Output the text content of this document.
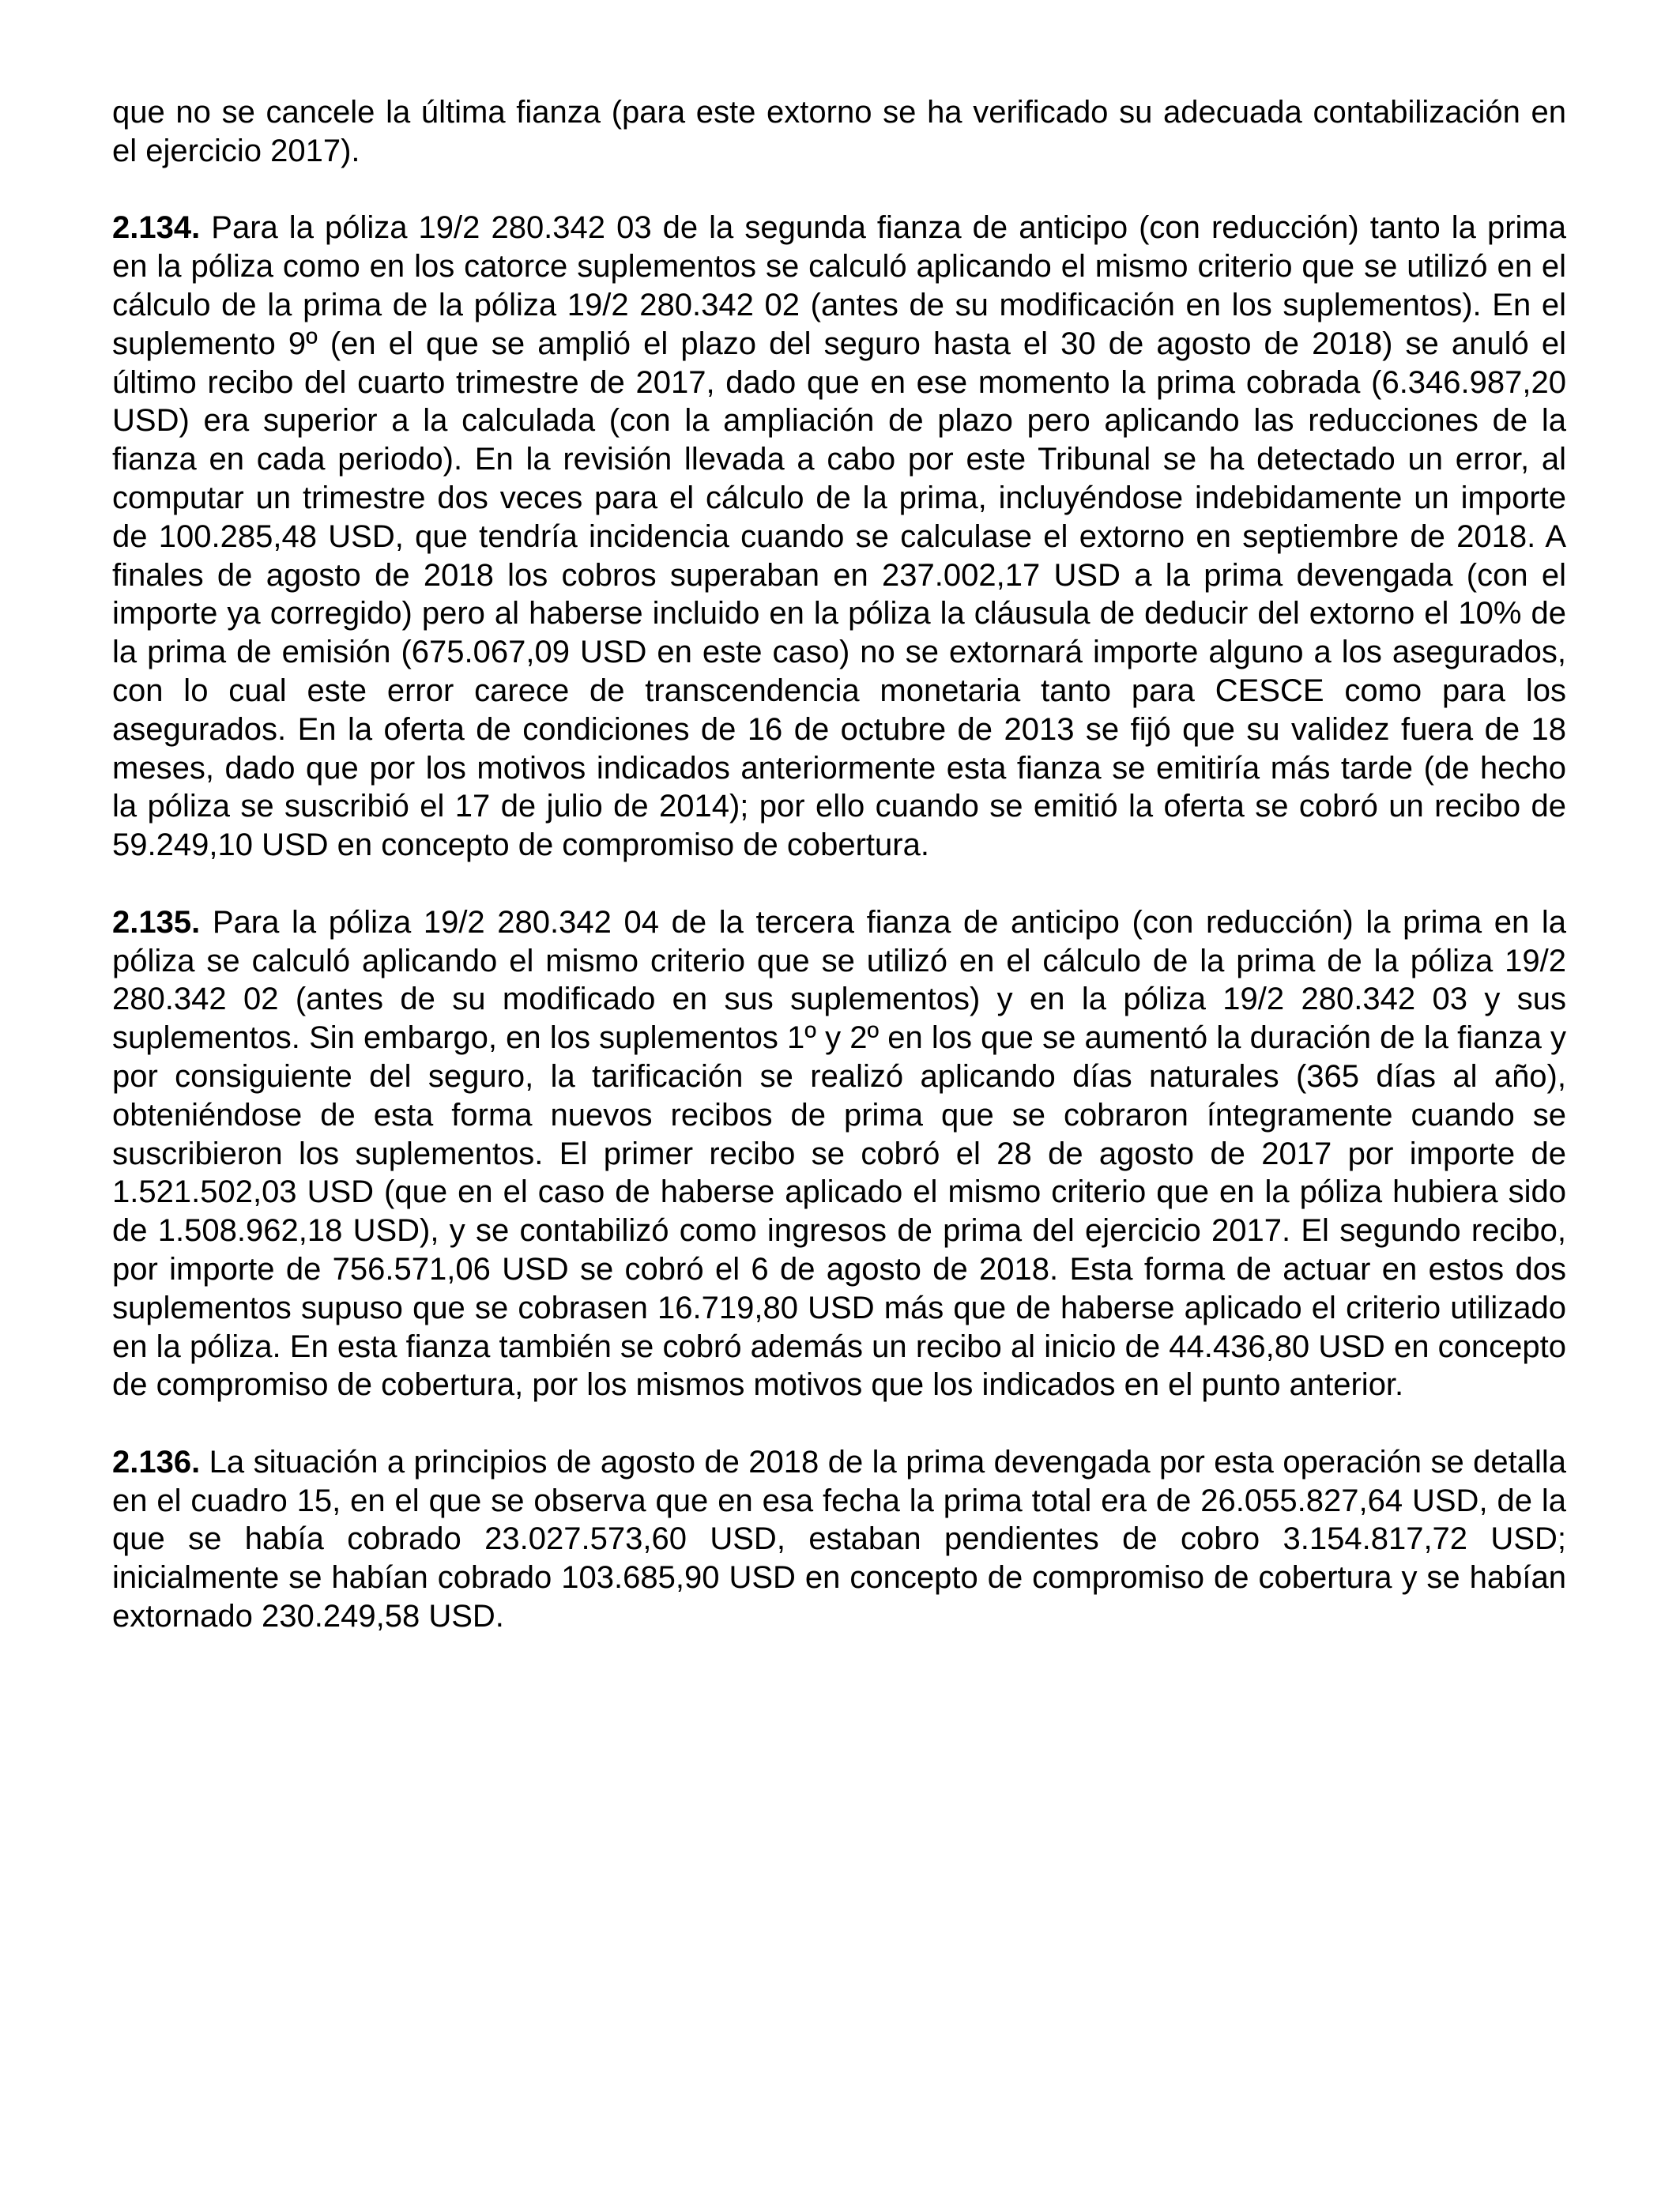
que no se cancele la última fianza (para este extorno se ha verificado su adecuada contabilización en el ejercicio 2017).

2.134. Para la póliza 19/2 280.342 03 de la segunda fianza de anticipo (con reducción) tanto la prima en la póliza como en los catorce suplementos se calculó aplicando el mismo criterio que se utilizó en el cálculo de la prima de la póliza 19/2 280.342 02 (antes de su modificación en los suplementos). En el suplemento 9º (en el que se amplió el plazo del seguro hasta el 30 de agosto de 2018) se anuló el último recibo del cuarto trimestre de 2017, dado que en ese momento la prima cobrada (6.346.987,20 USD) era superior a la calculada (con la ampliación de plazo pero aplicando las reducciones de la fianza en cada periodo). En la revisión llevada a cabo por este Tribunal se ha detectado un error, al computar un trimestre dos veces para el cálculo de la prima, incluyéndose indebidamente un importe de 100.285,48 USD, que tendría incidencia cuando se calculase el extorno en septiembre de 2018. A finales de agosto de 2018 los cobros superaban en 237.002,17 USD a la prima devengada (con el importe ya corregido) pero al haberse incluido en la póliza la cláusula de deducir del extorno el 10% de la prima de emisión (675.067,09 USD en este caso) no se extornará importe alguno a los asegurados, con lo cual este error carece de transcendencia monetaria tanto para CESCE como para los asegurados. En la oferta de condiciones de 16 de octubre de 2013 se fijó que su validez fuera de 18 meses, dado que por los motivos indicados anteriormente esta fianza se emitiría más tarde (de hecho la póliza se suscribió el 17 de julio de 2014); por ello cuando se emitió la oferta se cobró un recibo de 59.249,10 USD en concepto de compromiso de cobertura.

2.135. Para la póliza 19/2 280.342 04 de la tercera fianza de anticipo (con reducción) la prima en la póliza se calculó aplicando el mismo criterio que se utilizó en el cálculo de la prima de la póliza 19/2 280.342 02 (antes de su modificado en sus suplementos) y en la póliza 19/2 280.342 03 y sus suplementos. Sin embargo, en los suplementos 1º y 2º en los que se aumentó la duración de la fianza y por consiguiente del seguro, la tarificación se realizó aplicando días naturales (365 días al año), obteniéndose de esta forma nuevos recibos de prima que se cobraron íntegramente cuando se suscribieron los suplementos. El primer recibo se cobró el 28 de agosto de 2017 por importe de 1.521.502,03 USD (que en el caso de haberse aplicado el mismo criterio que en la póliza hubiera sido de 1.508.962,18 USD), y se contabilizó como ingresos de prima del ejercicio 2017. El segundo recibo, por importe de 756.571,06 USD se cobró el 6 de agosto de 2018. Esta forma de actuar en estos dos suplementos supuso que se cobrasen 16.719,80 USD más que de haberse aplicado el criterio utilizado en la póliza. En esta fianza también se cobró además un recibo al inicio de 44.436,80 USD en concepto de compromiso de cobertura, por los mismos motivos que los indicados en el punto anterior.

2.136. La situación a principios de agosto de 2018 de la prima devengada por esta operación se detalla en el cuadro 15, en el que se observa que en esa fecha la prima total era de 26.055.827,64 USD, de la que se había cobrado 23.027.573,60 USD, estaban pendientes de cobro 3.154.817,72 USD; inicialmente se habían cobrado 103.685,90 USD en concepto de compromiso de cobertura y se habían extornado 230.249,58 USD.
